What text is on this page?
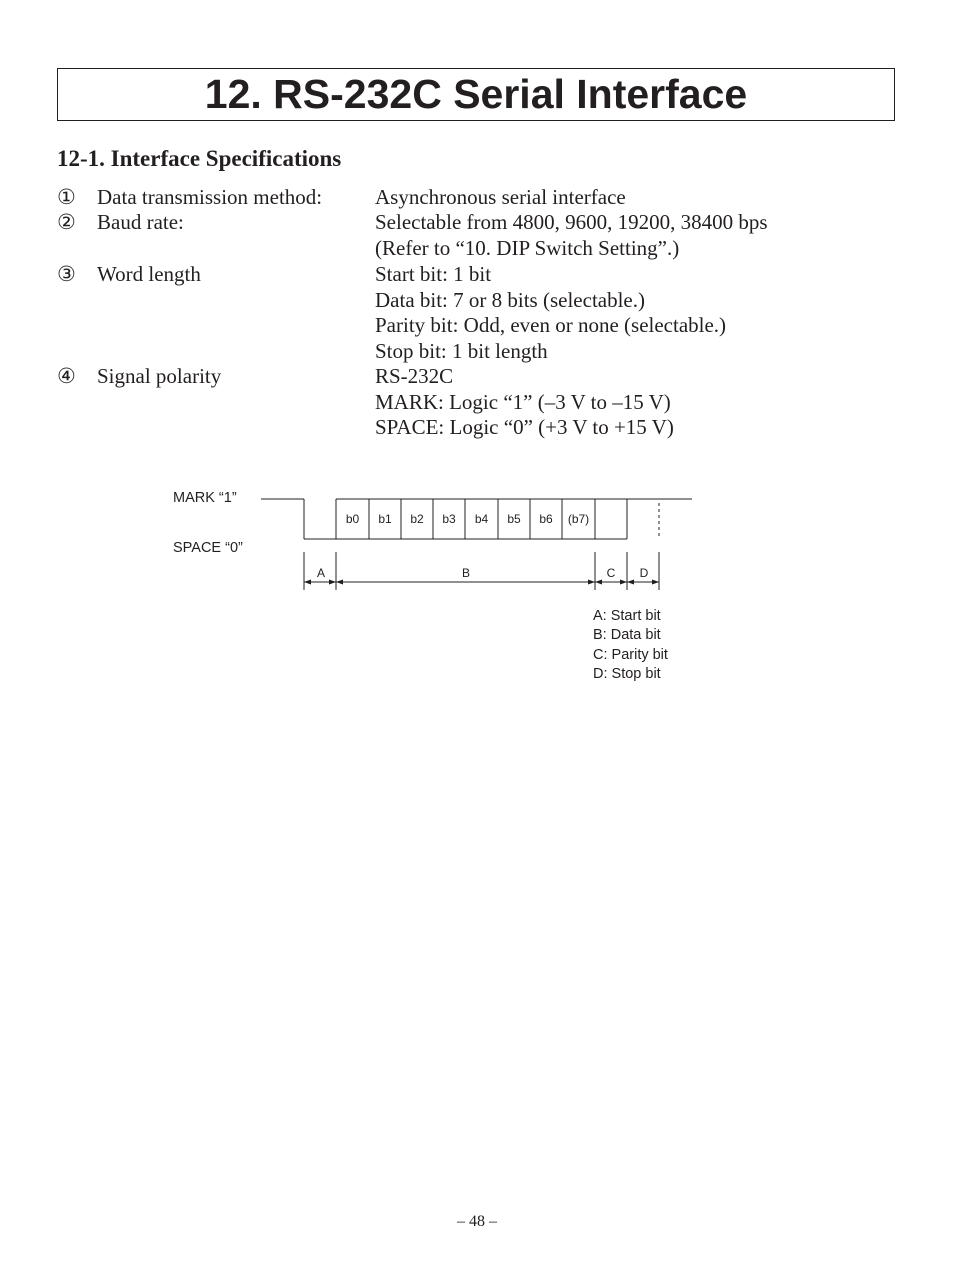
12. RS-232C Serial Interface
12-1. Interface Specifications
①	Data transmission method:	Asynchronous serial interface
②	Baud rate:	Selectable from 4800, 9600, 19200, 38400 bps
(Refer to “10. DIP Switch Setting”.)
③	Word length	Start bit: 1 bit
Data bit: 7 or 8 bits (selectable.)
Parity bit: Odd, even or none (selectable.)
Stop bit: 1 bit length
④	Signal polarity	RS-232C
MARK: Logic “1” (–3 V to –15 V)
SPACE: Logic “0” (+3 V to +15 V)
MARK “1”
SPACE “0”
b0 b1 b2 b3 b4 b5 b6 (b7)
A	B	C D
A: Start bit
B: Data bit
C: Parity bit
D: Stop bit
– 48 –
